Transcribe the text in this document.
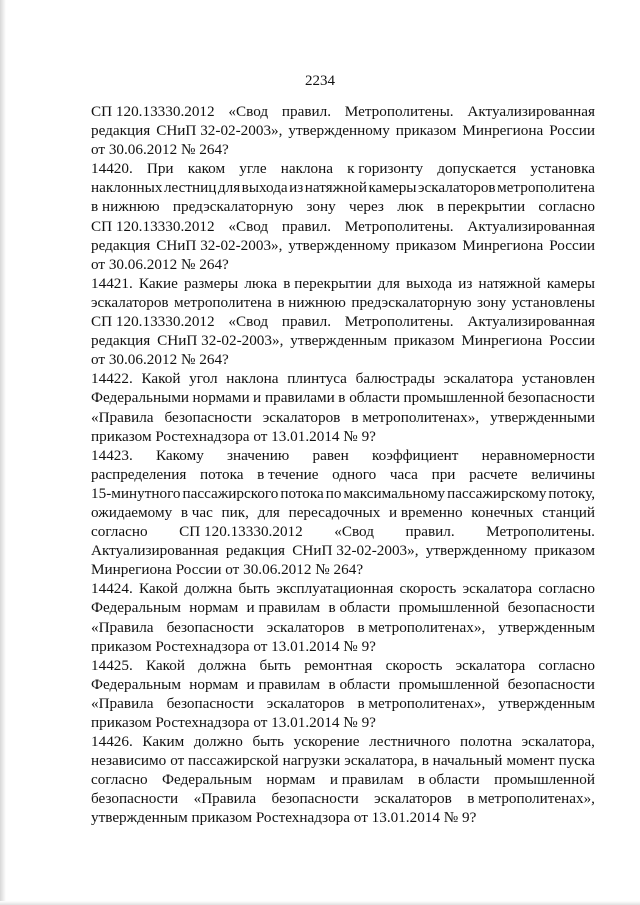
2234
СП 120.13330.2012 «Свод правил. Метрополитены. Актуализированная
редакция СНиП 32-02-2003», утвержденному приказом Минрегиона России
от 30.06.2012 № 264?
14420. При каком угле наклона к горизонту допускается установка
наклонных лестниц для выхода из натяжной камеры эскалаторов метрополитена
в нижнюю предэскалаторную зону через люк в перекрытии согласно
СП 120.13330.2012 «Свод правил. Метрополитены. Актуализированная
редакция СНиП 32-02-2003», утвержденному приказом Минрегиона России
от 30.06.2012 № 264?
14421. Какие размеры люка в перекрытии для выхода из натяжной камеры
эскалаторов метрополитена в нижнюю предэскалаторную зону установлены
СП 120.13330.2012 «Свод правил. Метрополитены. Актуализированная
редакция СНиП 32-02-2003», утвержденным приказом Минрегиона России
от 30.06.2012 № 264?
14422. Какой угол наклона плинтуса балюстрады эскалатора установлен
Федеральными нормами и правилами в области промышленной безопасности
«Правила безопасности эскалаторов в метрополитенах», утвержденными
приказом Ростехнадзора от 13.01.2014 № 9?
14423. Какому значению равен коэффициент неравномерности
распределения потока в течение одного часа при расчете величины
15-минутного пассажирского потока по максимальному пассажирскому потоку,
ожидаемому в час пик, для пересадочных и временно конечных станций
согласно СП 120.13330.2012 «Свод правил. Метрополитены.
Актуализированная редакция СНиП 32-02-2003», утвержденному приказом
Минрегиона России от 30.06.2012 № 264?
14424. Какой должна быть эксплуатационная скорость эскалатора согласно
Федеральным нормам и правилам в области промышленной безопасности
«Правила безопасности эскалаторов в метрополитенах», утвержденным
приказом Ростехнадзора от 13.01.2014 № 9?
14425. Какой должна быть ремонтная скорость эскалатора согласно
Федеральным нормам и правилам в области промышленной безопасности
«Правила безопасности эскалаторов в метрополитенах», утвержденным
приказом Ростехнадзора от 13.01.2014 № 9?
14426. Каким должно быть ускорение лестничного полотна эскалатора,
независимо от пассажирской нагрузки эскалатора, в начальный момент пуска
согласно Федеральным нормам и правилам в области промышленной
безопасности «Правила безопасности эскалаторов в метрополитенах»,
утвержденным приказом Ростехнадзора от 13.01.2014 № 9?
